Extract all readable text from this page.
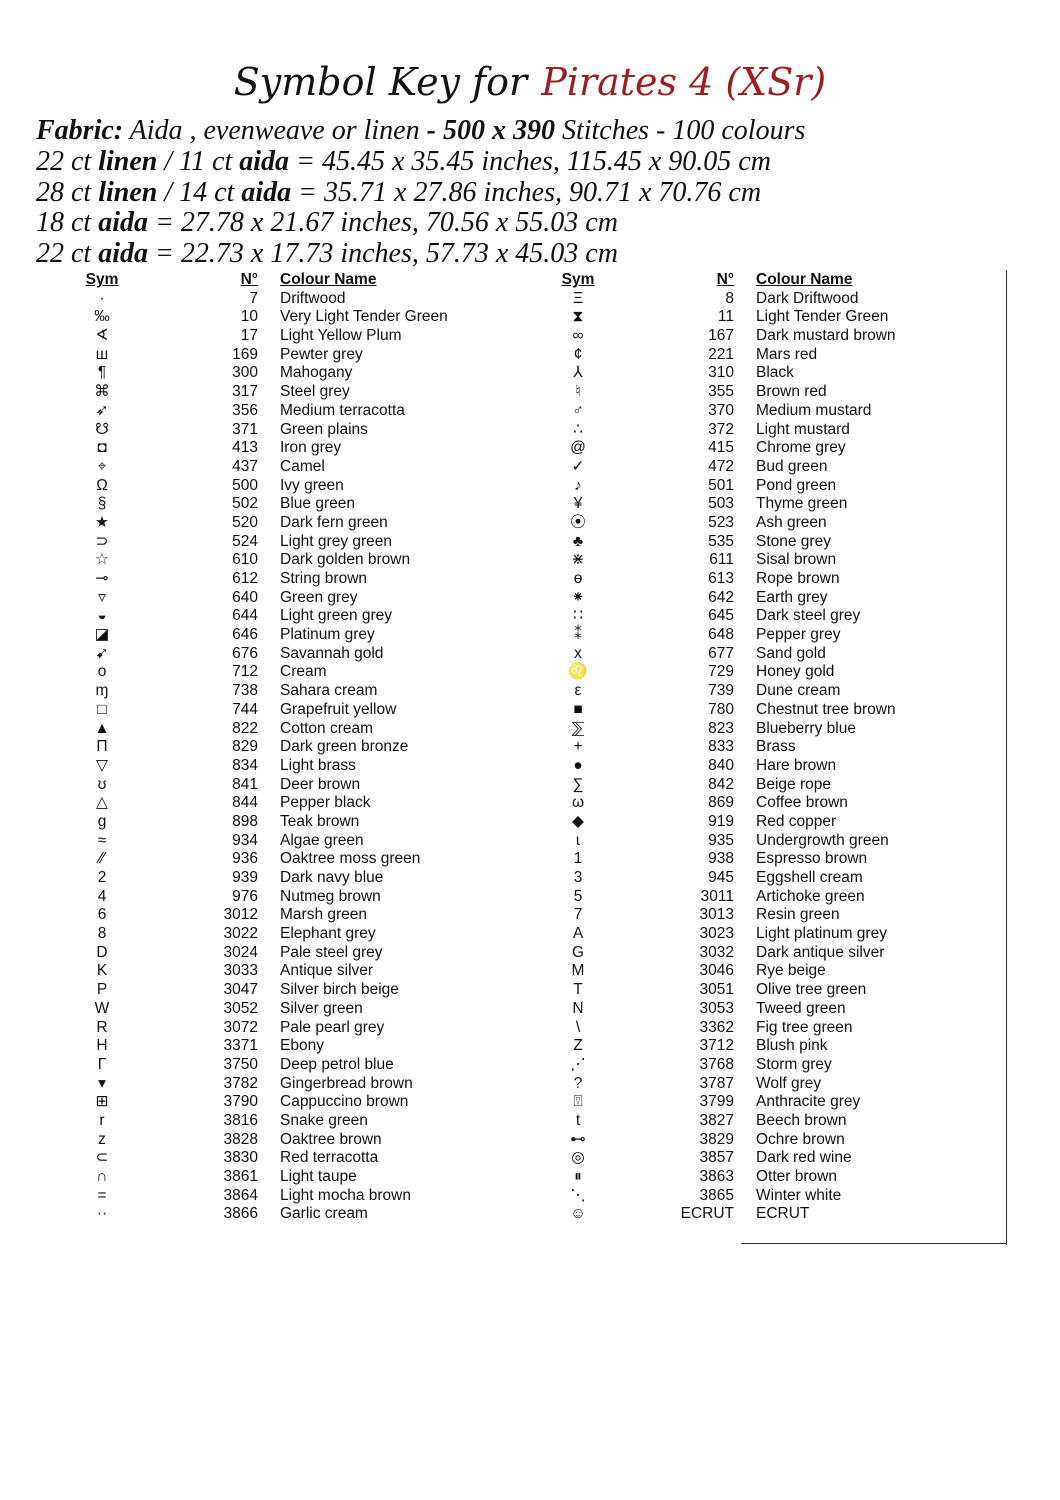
Symbol Key for Pirates 4 (XSr)
Fabric: Aida , evenweave or linen - 500 x 390 Stitches - 100 colours
22 ct linen / 11 ct aida = 45.45 x 35.45 inches, 115.45 x 90.05 cm
28 ct linen / 14 ct aida = 35.71 x 27.86 inches, 90.71 x 70.76 cm
18 ct aida = 27.78 x 21.67 inches, 70.56 x 55.03 cm
22 ct aida = 22.73 x 17.73 inches, 57.73 x 45.03 cm
Sym	N° Colour Name
·	7 Driftwood
‰	10 Very Light Tender Green
∢	17 Light Yellow Plum
ш	169 Pewter grey
¶	300 Mahogany
⌘	317 Steel grey
➶	356 Medium terracotta
☋	371 Green plains
◘	413 Iron grey
⌖	437 Camel
Ω	500 Ivy green
§	502 Blue green
★	520 Dark fern green
⊃	524 Light grey green
☆	610 Dark golden brown
⊸	612 String brown
▿	640 Green grey
◒	644 Light green grey
◪	646 Platinum grey
➹	676 Savannah gold
o	712 Cream
ɱ	738 Sahara cream
□	744 Grapefruit yellow
▲	822 Cotton cream
Π	829 Dark green bronze
▽	834 Light brass
ʊ	841 Deer brown
△	844 Pepper black
g	898 Teak brown
≈	934 Algae green
⁄⁄	936 Oaktree moss green
2	939 Dark navy blue
4	976 Nutmeg brown
6	3012 Marsh green
8	3022 Elephant grey
D	3024 Pale steel grey
K	3033 Antique silver
P	3047 Silver birch beige
W	3052 Silver green
R	3072 Pale pearl grey
H	3371 Ebony
Γ	3750 Deep petrol blue
▾	3782 Gingerbread brown
⊞	3790 Cappuccino brown
r	3816 Snake green
z	3828 Oaktree brown
⊂	3830 Red terracotta
∩	3861 Light taupe
=	3864 Light mocha brown
··	3866 Garlic cream
Sym	N° Colour Name
Ξ	8 Dark Driftwood
⧗	11 Light Tender Green
∞	167 Dark mustard brown
¢	221 Mars red
⅄	310 Black
♮	355 Brown red
♂	370 Medium mustard
∴	372 Light mustard
@	415 Chrome grey
✓	472 Bud green
♪	501 Pond green
¥	503 Thyme green
⦿	523 Ash green
♣	535 Stone grey
⋇	611 Sisal brown
ɵ	613 Rope brown
⁕	642 Earth grey
∷	645 Dark steel grey
⁑	648 Pepper grey
x	677 Sand gold
♌	729 Honey gold
ε	739 Dune cream
■	780 Chestnut tree brown
⅀	823 Blueberry blue
+	833 Brass
●	840 Hare brown
∑	842 Beige rope
ω	869 Coffee brown
◆	919 Red copper
ɩ	935 Undergrowth green
1	938 Espresso brown
3	945 Eggshell cream
5	3011 Artichoke green
7	3013 Resin green
A	3023 Light platinum grey
G	3032 Dark antique silver
M	3046 Rye beige
T	3051 Olive tree green
N	3053 Tweed green
\	3362 Fig tree green
Z	3712 Blush pink
⋰	3768 Storm grey
?	3787 Wolf grey
⍔	3799 Anthracite grey
t	3827 Beech brown
⊷	3829 Ochre brown
◎	3857 Dark red wine
⏸	3863 Otter brown
⋱	3865 Winter white
☺	ECRUT ECRUT
